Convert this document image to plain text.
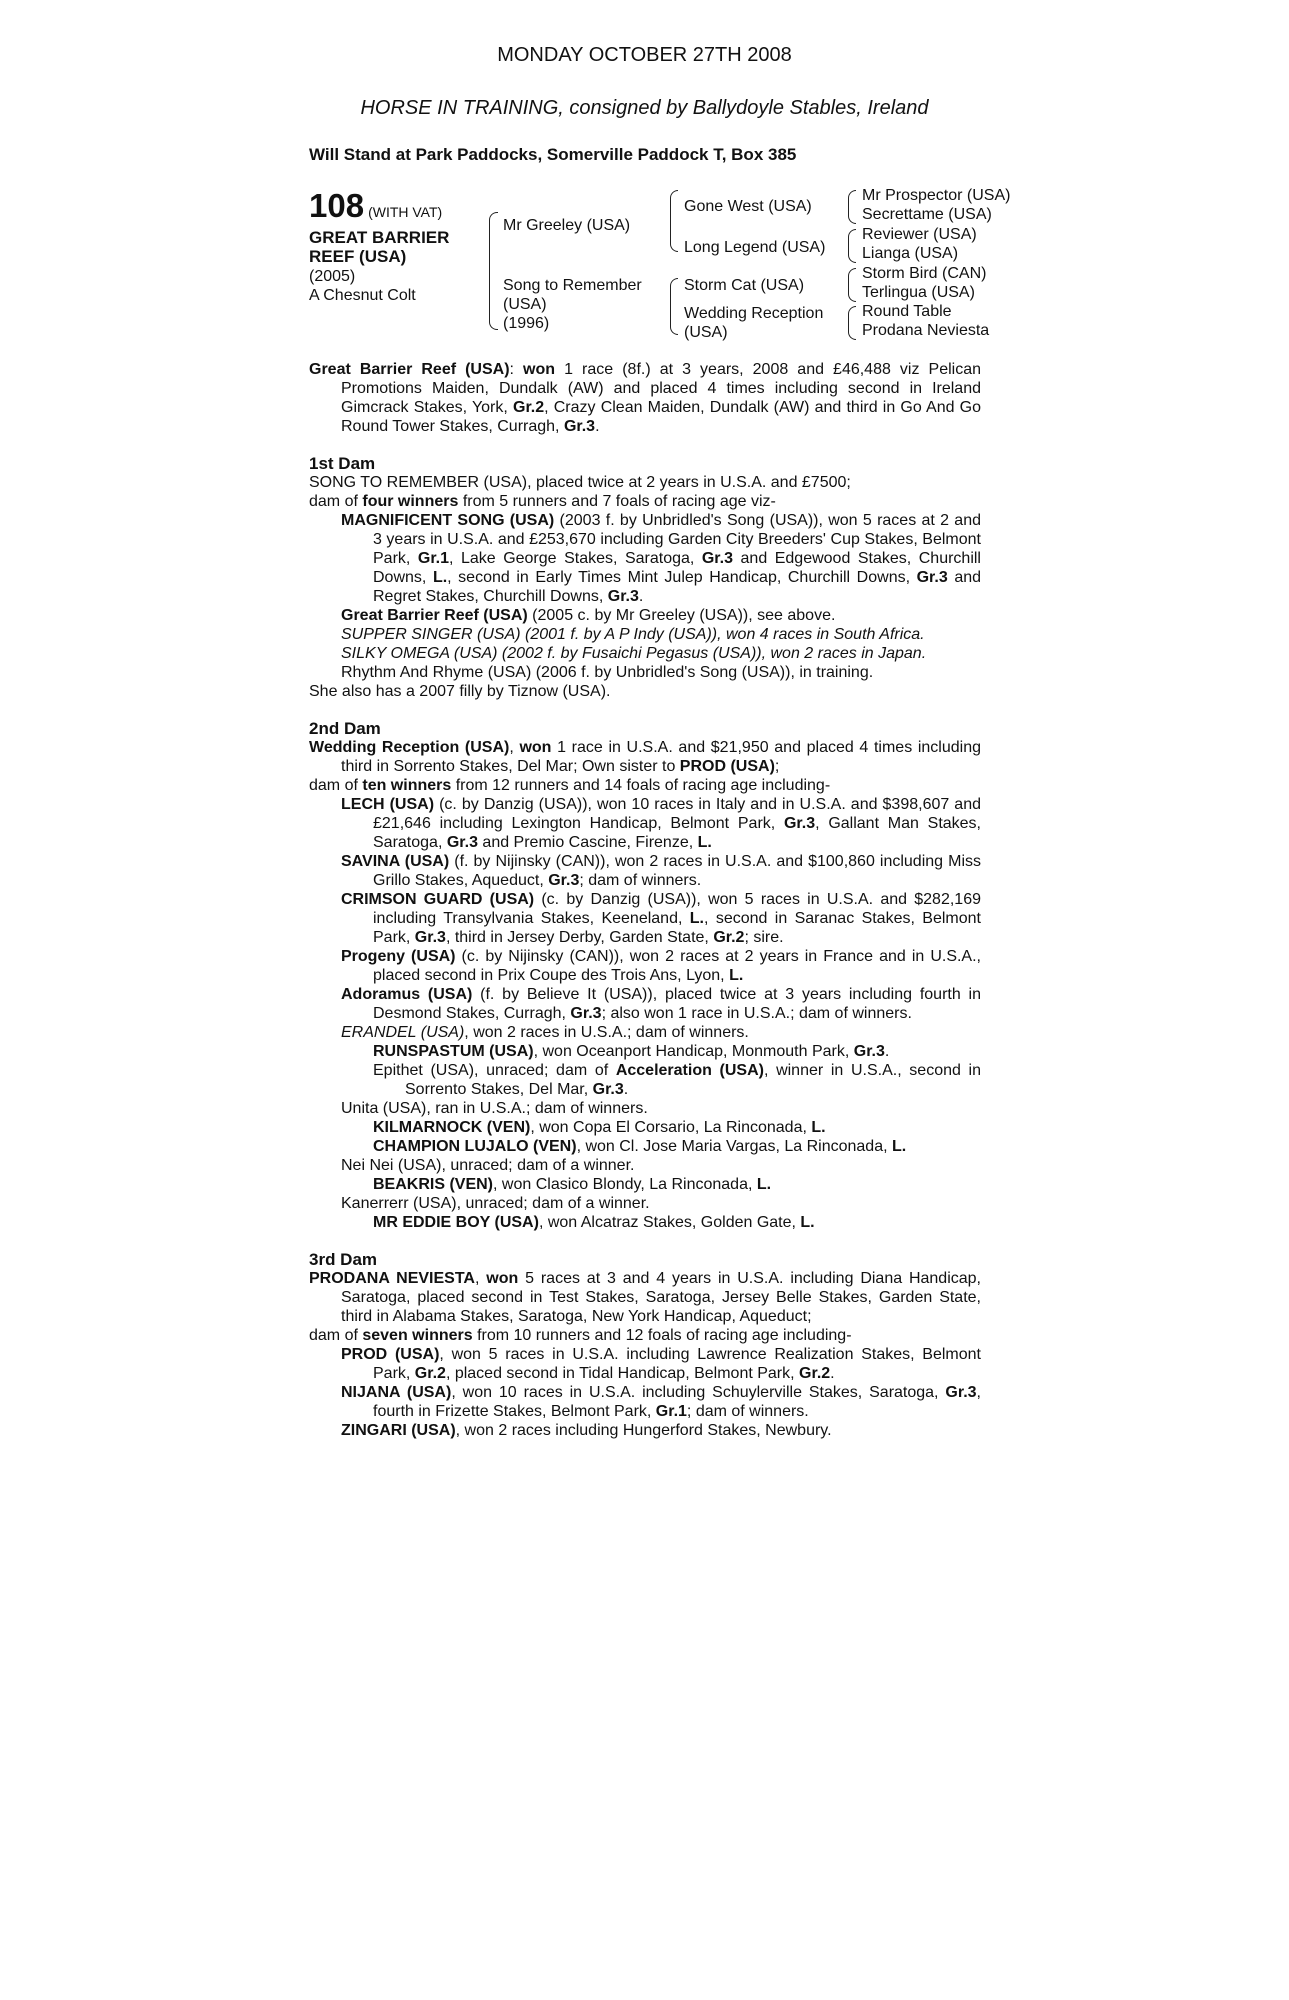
MONDAY OCTOBER 27TH 2008
HORSE IN TRAINING, consigned by Ballydoyle Stables, Ireland
Will Stand at Park Paddocks, Somerville Paddock T, Box 385
108 (WITH VAT)
GREAT BARRIER
REEF (USA)
(2005)
A Chesnut Colt
Mr Greeley (USA)
Song to Remember
(USA)
(1996)
Gone West (USA)
Long Legend (USA)
Storm Cat (USA)
Wedding Reception
(USA)
Mr Prospector (USA)
Secrettame (USA)
Reviewer (USA)
Lianga (USA)
Storm Bird (CAN)
Terlingua (USA)
Round Table
Prodana Neviesta

Great Barrier Reef (USA): won 1 race (8f.) at 3 years, 2008 and £46,488 viz Pelican Promotions Maiden, Dundalk (AW) and placed 4 times including second in Ireland Gimcrack Stakes, York, Gr.2, Crazy Clean Maiden, Dundalk (AW) and third in Go And Go Round Tower Stakes, Curragh, Gr.3.

1st Dam

SONG TO REMEMBER (USA), placed twice at 2 years in U.S.A. and £7500;

dam of four winners from 5 runners and 7 foals of racing age viz-

MAGNIFICENT SONG (USA) (2003 f. by Unbridled's Song (USA)), won 5 races at 2 and 3 years in U.S.A. and £253,670 including Garden City Breeders' Cup Stakes, Belmont Park, Gr.1, Lake George Stakes, Saratoga, Gr.3 and Edgewood Stakes, Churchill Downs, L., second in Early Times Mint Julep Handicap, Churchill Downs, Gr.3 and Regret Stakes, Churchill Downs, Gr.3.

Great Barrier Reef (USA) (2005 c. by Mr Greeley (USA)), see above.

SUPPER SINGER (USA) (2001 f. by A P Indy (USA)), won 4 races in South Africa.

SILKY OMEGA (USA) (2002 f. by Fusaichi Pegasus (USA)), won 2 races in Japan.

Rhythm And Rhyme (USA) (2006 f. by Unbridled's Song (USA)), in training.

She also has a 2007 filly by Tiznow (USA).

2nd Dam

Wedding Reception (USA), won 1 race in U.S.A. and $21,950 and placed 4 times including third in Sorrento Stakes, Del Mar; Own sister to PROD (USA);

dam of ten winners from 12 runners and 14 foals of racing age including-

LECH (USA) (c. by Danzig (USA)), won 10 races in Italy and in U.S.A. and $398,607 and £21,646 including Lexington Handicap, Belmont Park, Gr.3, Gallant Man Stakes, Saratoga, Gr.3 and Premio Cascine, Firenze, L.

SAVINA (USA) (f. by Nijinsky (CAN)), won 2 races in U.S.A. and $100,860 including Miss Grillo Stakes, Aqueduct, Gr.3; dam of winners.

CRIMSON GUARD (USA) (c. by Danzig (USA)), won 5 races in U.S.A. and $282,169 including Transylvania Stakes, Keeneland, L., second in Saranac Stakes, Belmont Park, Gr.3, third in Jersey Derby, Garden State, Gr.2; sire.

Progeny (USA) (c. by Nijinsky (CAN)), won 2 races at 2 years in France and in U.S.A., placed second in Prix Coupe des Trois Ans, Lyon, L.

Adoramus (USA) (f. by Believe It (USA)), placed twice at 3 years including fourth in Desmond Stakes, Curragh, Gr.3; also won 1 race in U.S.A.; dam of winners.

ERANDEL (USA), won 2 races in U.S.A.; dam of winners.

RUNSPASTUM (USA), won Oceanport Handicap, Monmouth Park, Gr.3.

Epithet (USA), unraced; dam of Acceleration (USA), winner in U.S.A., second in Sorrento Stakes, Del Mar, Gr.3.

Unita (USA), ran in U.S.A.; dam of winners.

KILMARNOCK (VEN), won Copa El Corsario, La Rinconada, L.

CHAMPION LUJALO (VEN), won Cl. Jose Maria Vargas, La Rinconada, L.

Nei Nei (USA), unraced; dam of a winner.

BEAKRIS (VEN), won Clasico Blondy, La Rinconada, L.

Kanerrerr (USA), unraced; dam of a winner.

MR EDDIE BOY (USA), won Alcatraz Stakes, Golden Gate, L.

3rd Dam

PRODANA NEVIESTA, won 5 races at 3 and 4 years in U.S.A. including Diana Handicap, Saratoga, placed second in Test Stakes, Saratoga, Jersey Belle Stakes, Garden State, third in Alabama Stakes, Saratoga, New York Handicap, Aqueduct;

dam of seven winners from 10 runners and 12 foals of racing age including-

PROD (USA), won 5 races in U.S.A. including Lawrence Realization Stakes, Belmont Park, Gr.2, placed second in Tidal Handicap, Belmont Park, Gr.2.

NIJANA (USA), won 10 races in U.S.A. including Schuylerville Stakes, Saratoga, Gr.3, fourth in Frizette Stakes, Belmont Park, Gr.1; dam of winners.

ZINGARI (USA), won 2 races including Hungerford Stakes, Newbury.
